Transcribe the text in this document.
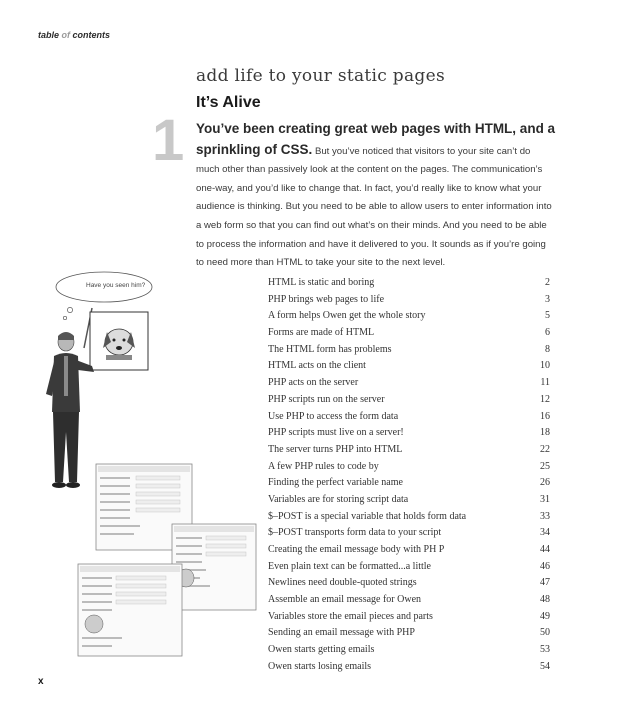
table of contents
add life to your static pages
It’s Alive
1 You’ve been creating great web pages with HTML, and a sprinkling of CSS. But you’ve noticed that visitors to your site can’t do much other than passively look at the content on the pages. The communication’s one-way, and you’d like to change that. In fact, you’d really like to know what your audience is thinking. But you need to be able to allow users to enter information into a web form so that you can find out what’s on their minds. And you need to be able to process the information and have it delivered to you. It sounds as if you’re going to need more than HTML to take your site to the next level.
Have you seen him?	HTML is static and boring	2
PHP brings web pages to life	3
A form helps Owen get the whole story	5
Forms are made of HTML	6
The HTML form has problems	8
HTML acts on the client	10
PHP acts on the server	11
PHP scripts run on the server	12
Use PHP to access the form data	16
PHP scripts must live on a server!	18
The server turns PHP into HTML	22
A few PHP rules to code by	25
Finding the perfect variable name	26
Variables are for storing script data	31
$–POST is a special variable that holds form data	33
$–POST transports form data to your script	34
Creating the email message body with PH P	44
Even plain text can be formatted...a little	46
Newlines need double-quoted strings	47
Assemble an email message for Owen	48
Variables store the email pieces and parts	49
Sending an email message with PHP	50
Owen starts getting emails	53
Owen starts losing emails	54
x
